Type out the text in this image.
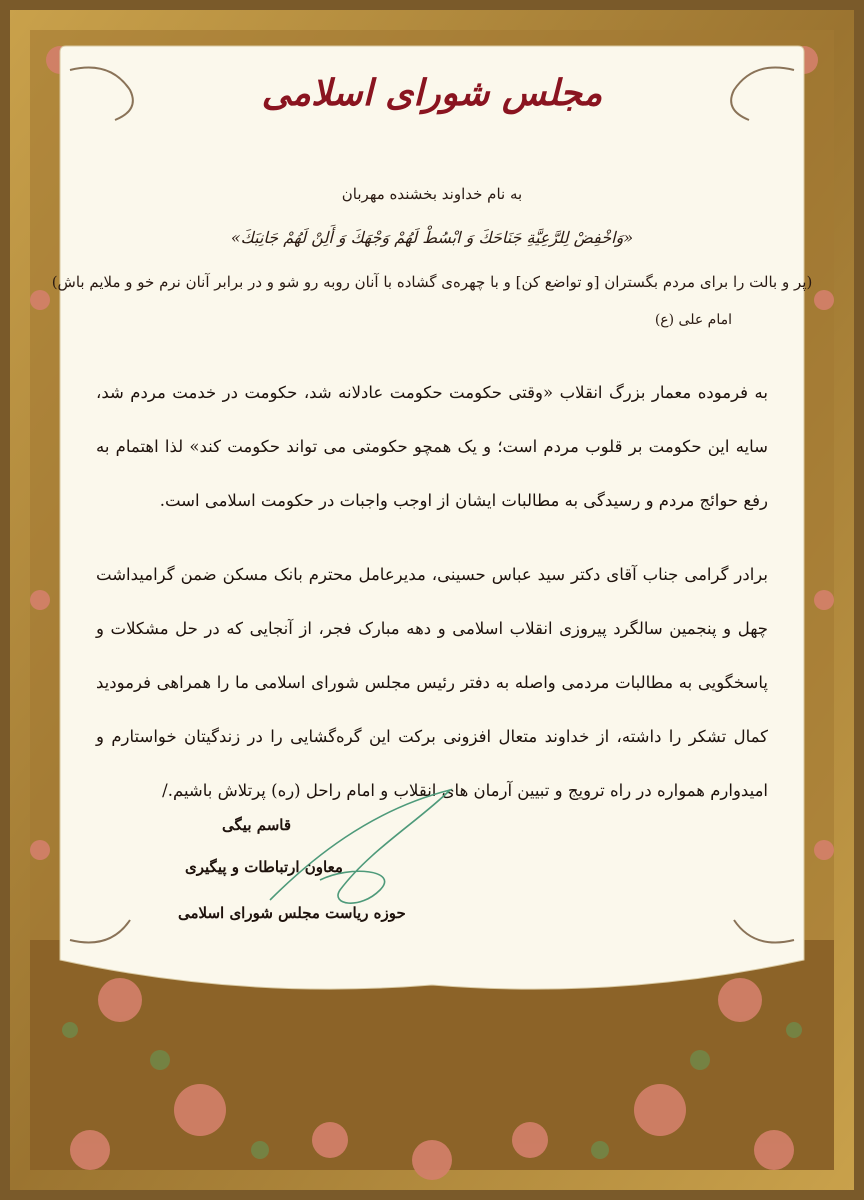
مجلس شورای اسلامی
به نام خداوند بخشنده مهربان
«وَاخْفِضْ لِلرَّعِيَّةِ جَنَاحَكَ وَ ابْسُطْ لَهُمْ وَجْهَكَ وَ أَلِنْ لَهُمْ جَانِبَكَ»
(پر و بالت را برای مردم بگستران [و تواضع کن] و با چهره‌ی گشاده با آنان روبه رو شو و در برابر آنان نرم خو و ملایم باش)
امام علی (ع)
به فرموده معمار بزرگ انقلاب «وقتی حکومت حکومت عادلانه شد، حکومت در خدمت مردم شد، سایه این حکومت بر قلوب مردم است؛ و یک همچو حکومتی می تواند حکومت کند» لذا اهتمام به رفع حوائج مردم و رسیدگی به مطالبات ایشان از اوجب واجبات در حکومت اسلامی است.
برادر گرامی جناب آقای دکتر سید عباس حسینی، مدیرعامل محترم بانک مسکن ضمن گرامیداشت چهل و پنجمین سالگرد پیروزی انقلاب اسلامی و دهه مبارک فجر، از آنجایی که در حل مشکلات و پاسخگویی به مطالبات مردمی واصله به دفتر رئیس مجلس شورای اسلامی ما را همراهی فرمودید کمال تشکر را داشته، از خداوند متعال افزونی برکت این گره‌گشایی را در زندگیتان خواستارم و امیدوارم همواره در راه ترویج و تبیین آرمان های انقلاب و امام راحل (ره) پرتلاش باشیم./
قاسم بیگی
معاون ارتباطات و پیگیری
حوزه ریاست مجلس شورای اسلامی
